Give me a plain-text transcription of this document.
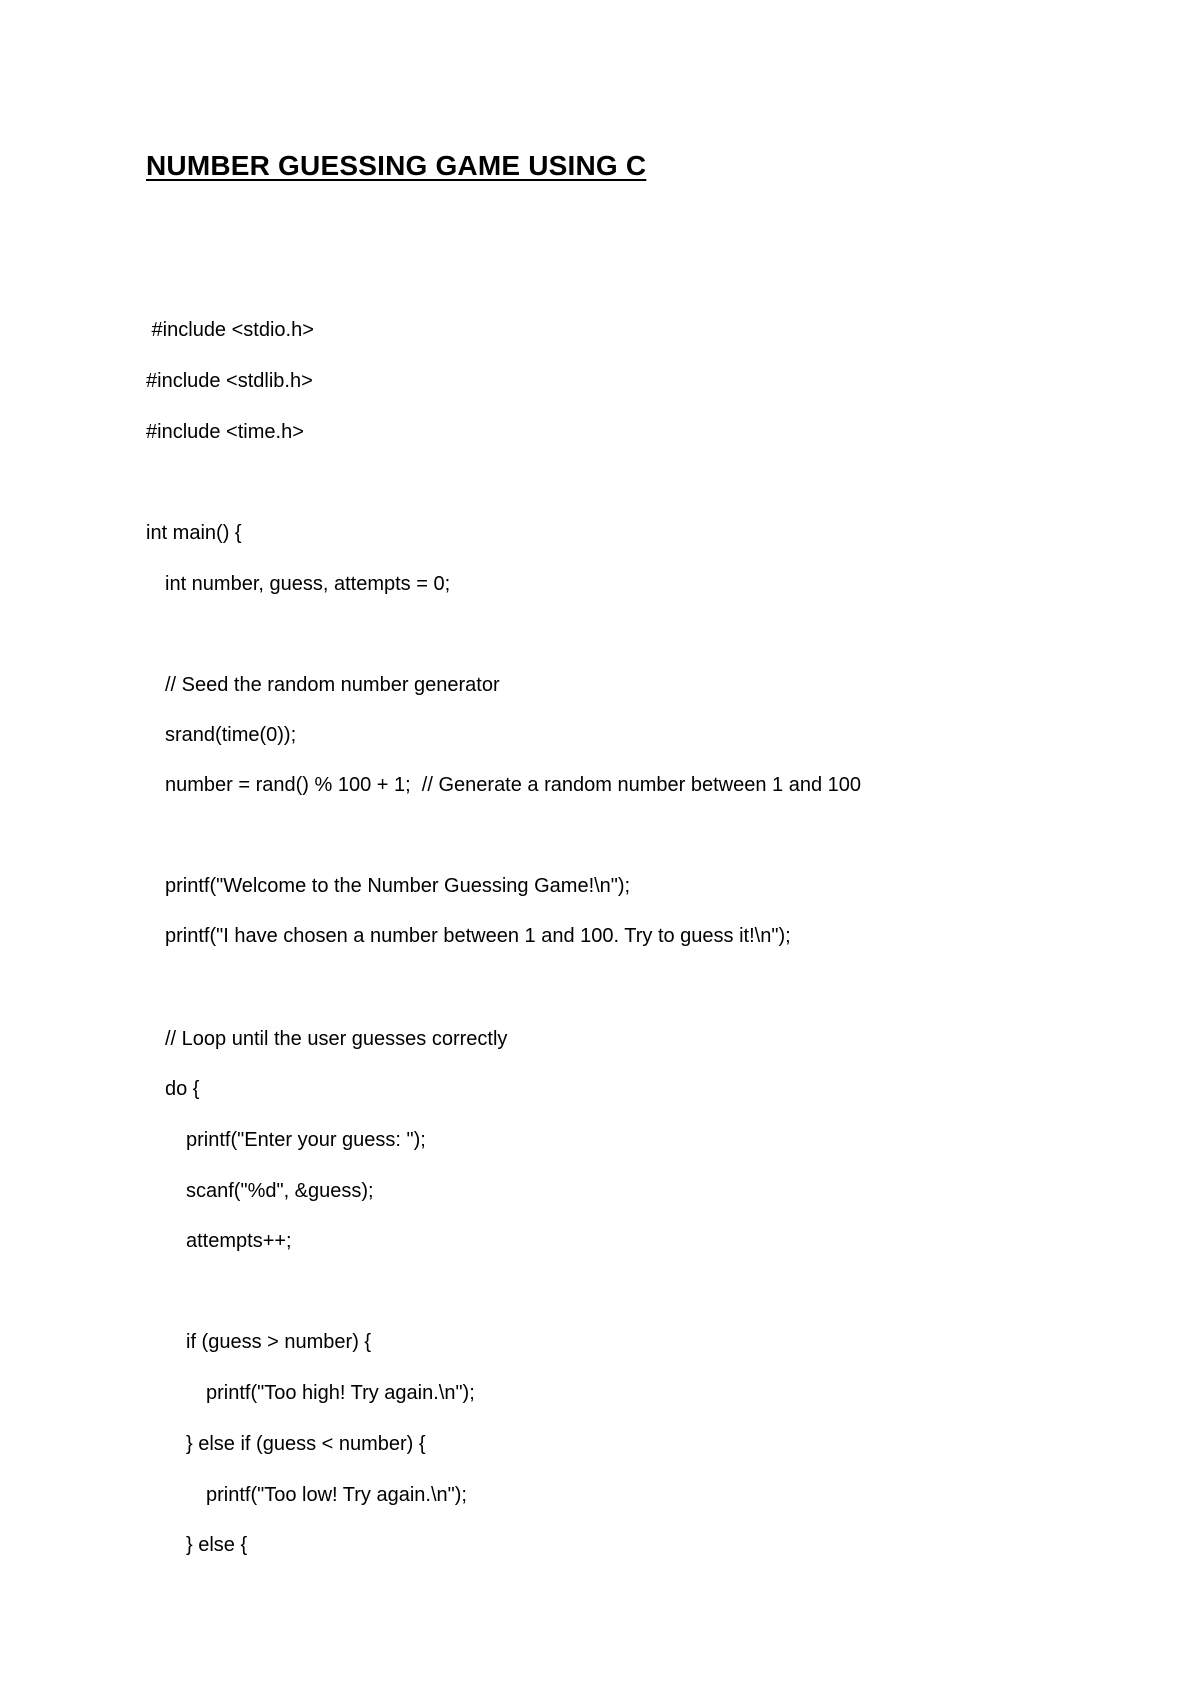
NUMBER GUESSING GAME USING C
#include <stdio.h>
#include <stdlib.h>
#include <time.h>
int main() {
int number, guess, attempts = 0;
// Seed the random number generator
srand(time(0));
number = rand() % 100 + 1;  // Generate a random number between 1 and 100
printf("Welcome to the Number Guessing Game!\n");
printf("I have chosen a number between 1 and 100. Try to guess it!\n");
// Loop until the user guesses correctly
do {
printf("Enter your guess: ");
scanf("%d", &guess);
attempts++;
if (guess > number) {
printf("Too high! Try again.\n");
} else if (guess < number) {
printf("Too low! Try again.\n");
} else {
